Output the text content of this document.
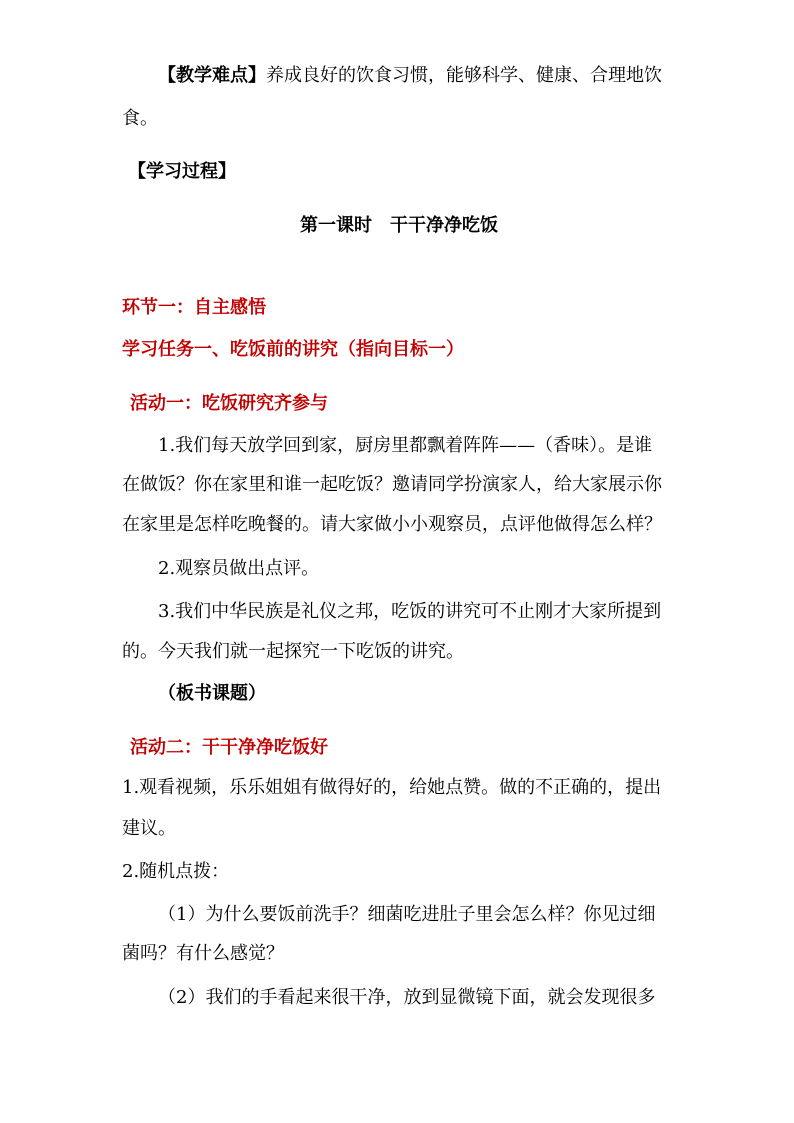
【教学难点】养成良好的饮食习惯，能够科学、健康、合理地饮
食。
【学习过程】
第一课时　干干净净吃饭
环节一：自主感悟
学习任务一、吃饭前的讲究（指向目标一）
活动一：吃饭研究齐参与
1.我们每天放学回到家，厨房里都飘着阵阵——（香味）。是谁
在做饭？你在家里和谁一起吃饭？邀请同学扮演家人，给大家展示你
在家里是怎样吃晚餐的。请大家做小小观察员，点评他做得怎么样？
2.观察员做出点评。
3.我们中华民族是礼仪之邦，吃饭的讲究可不止刚才大家所提到
的。今天我们就一起探究一下吃饭的讲究。
（板书课题）
活动二：干干净净吃饭好
1.观看视频，乐乐姐姐有做得好的，给她点赞。做的不正确的，提出
建议。
2.随机点拨：
（1）为什么要饭前洗手？细菌吃进肚子里会怎么样？你见过细
菌吗？有什么感觉？
（2）我们的手看起来很干净，放到显微镜下面，就会发现很多
